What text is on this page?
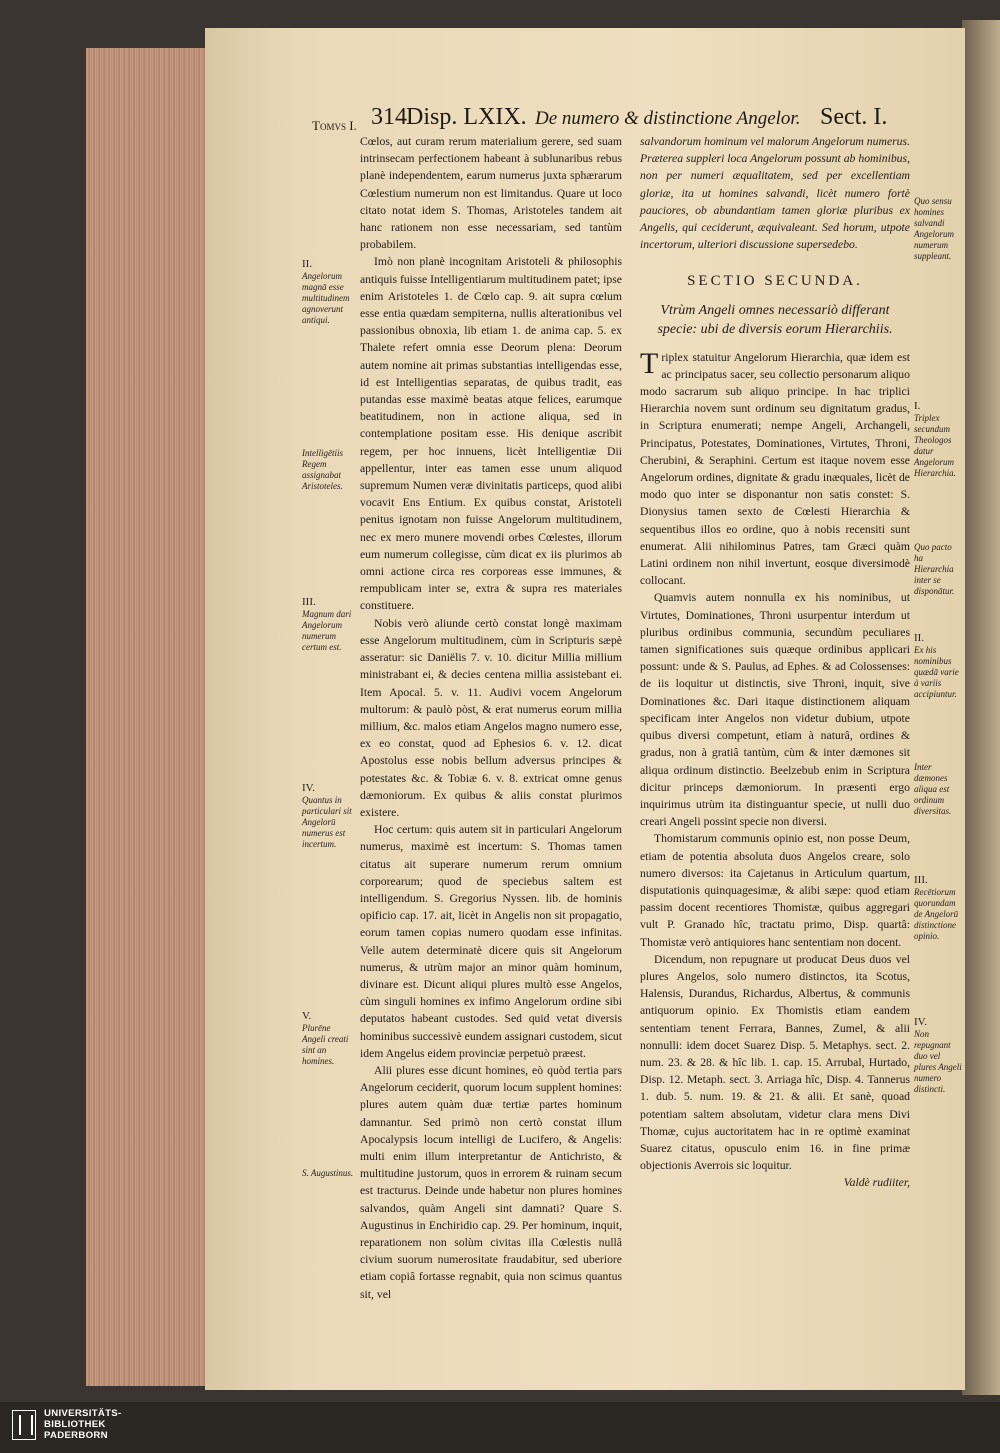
Tomvs I. 314 Disp. LXIX. De numero & distinctione Angelor. Sect. I.

Cœlos, aut curam rerum materialium gerere, sed suam intrinsecam perfectionem habeant à sublunaribus rebus planè independentem, earum numerus juxta sphærarum Cœlestium numerum non est limitandus. Quare ut loco citato notat idem S. Thomas, Aristoteles tandem ait hanc rationem non esse necessariam, sed tantùm probabilem.

Imò non planè incognitam Aristoteli & philosophis antiquis fuisse Intelligentiarum multitudinem patet; ipse enim Aristoteles 1. de Cœlo cap. 9. ait supra cœlum esse entia quædam sempiterna, nullis alterationibus vel passionibus obnoxia, lib etiam 1. de anima cap. 5. ex Thalete refert omnia esse Deorum plena: Deorum autem nomine ait primas substantias intelligendas esse, id est Intelligentias separatas, de quibus tradit, eas putandas esse maximè beatas atque felices, earumque beatitudinem, non in actione aliqua, sed in contemplatione positam esse. His denique ascribit regem, per hoc innuens, licèt Intelligentiæ Dii appellentur, inter eas tamen esse unum aliquod supremum Numen veræ divinitatis particeps, quod alibi vocavit Ens Entium. Ex quibus constat, Aristoteli penitus ignotam non fuisse Angelorum multitudinem, nec ex mero munere movendi orbes Cœlestes, illorum eum numerum collegisse, cùm dicat ex iis plurimos ab omni actione circa res corporeas esse immunes, & rempublicam inter se, extra & supra res materiales constituere.

Nobis verò aliunde certò constat longè maximam esse Angelorum multitudinem, cùm in Scripturis sæpè asseratur: sic Daniëlis 7. v. 10. dicitur Millia millium ministrabant ei, & decies centena millia assistebant ei. Item Apocal. 5. v. 11. Audivi vocem Angelorum multorum: & paulò pòst, & erat numerus eorum millia millium, &c. malos etiam Angelos magno numero esse, ex eo constat, quod ad Ephesios 6. v. 12. dicat Apostolus esse nobis bellum adversus principes & potestates &c. & Tobiæ 6. v. 8. extricat omne genus dæmoniorum. Ex quibus & aliis constat plurimos existere.

Hoc certum: quis autem sit in particulari Angelorum numerus, maximè est incertum: S. Thomas tamen citatus ait superare numerum rerum omnium corporearum; quod de speciebus saltem est intelligendum. S. Gregorius Nyssen. lib. de hominis opificio cap. 17. ait, licèt in Angelis non sit propagatio, eorum tamen copias numero quodam esse infinitas. Velle autem determinatè dicere quis sit Angelorum numerus, & utrùm major an minor quàm hominum, divinare est. Dicunt aliqui plures multò esse Angelos, cùm singuli homines ex infimo Angelorum ordine sibi deputatos habeant custodes. Sed quid vetat diversis hominibus successivè eundem assignari custodem, sicut idem Angelus eidem provinciæ perpetuò præest.

Alii plures esse dicunt homines, eò quòd tertia pars Angelorum ceciderit, quorum locum supplent homines: plures autem quàm duæ tertiæ partes hominum damnantur. Sed primò non certò constat illum Apocalypsis locum intelligi de Lucifero, & Angelis: multi enim illum interpretantur de Antichristo, & multitudine justorum, quos in errorem & ruinam secum est tracturus. Deinde unde habetur non plures homines salvandos, quàm Angeli sint damnati? Quare S. Augustinus in Enchiridio cap. 29. Per hominum, inquit, reparationem non solùm civitas illa Cœlestis nullâ civium suorum numerositate fraudabitur, sed uberiore etiam copiâ fortasse regnabit, quia non scimus quantus sit, vel

II.
Angelorum magnā esse multitudinem agnoverunt antiqui.
Intelligētiis Regem assignabat Aristoteles.
III.
Magnum dari Angelorum numerum certum est.
IV.
Quantus in particulari sit Angelorū numerus est incertum.
V.
Plurēne Angeli creati sint an homines.
S. Augustinus.

salvandorum hominum vel malorum Angelorum numerus. Præterea suppleri loca Angelorum possunt ab hominibus, non per numeri æqualitatem, sed per excellentiam gloriæ, ita ut homines salvandi, licèt numero fortè pauciores, ob abundantiam tamen gloriæ pluribus ex Angelis, qui ceciderunt, æquivaleant. Sed horum, utpote incertorum, ulteriori discussione supersedebo.

SECTIO SECUNDA.

Vtrùm Angeli omnes necessariò differant specie: ubi de diversis eorum Hierarchiis.

Triplex statuitur Angelorum Hierarchia, quæ idem est ac principatus sacer, seu collectio personarum aliquo modo sacrarum sub aliquo principe. In hac triplici Hierarchia novem sunt ordinum seu dignitatum gradus, in Scriptura enumerati; nempe Angeli, Archangeli, Principatus, Potestates, Dominationes, Virtutes, Throni, Cherubini, & Seraphini. Certum est itaque novem esse Angelorum ordines, dignitate & gradu inæquales, licèt de modo quo inter se disponantur non satis constet: S. Dionysius tamen sexto de Cœlesti Hierarchia & sequentibus illos eo ordine, quo à nobis recensiti sunt enumerat. Alii nihilominus Patres, tam Græci quàm Latini ordinem non nihil invertunt, eosque diversimodè collocant.

Quamvis autem nonnulla ex his nominibus, ut Virtutes, Dominationes, Throni usurpentur interdum ut pluribus ordinibus communia, secundùm peculiares tamen significationes suis quæque ordinibus applicari possunt: unde & S. Paulus, ad Ephes. & ad Colossenses: de iis loquitur ut distinctis, sive Throni, inquit, sive Dominationes &c. Dari itaque distinctionem aliquam specificam inter Angelos non videtur dubium, utpote quibus diversi competunt, etiam à naturâ, ordines & gradus, non à gratiâ tantùm, cùm & inter dæmones sit aliqua ordinum distinctio. Beelzebub enim in Scriptura dicitur princeps dæmoniorum. In præsenti ergo inquirimus utrùm ita distinguantur specie, ut nulli duo creari Angeli possint specie non diversi.

Thomistarum communis opinio est, non posse Deum, etiam de potentia absoluta duos Angelos creare, solo numero diversos: ita Cajetanus in Articulum quartum, disputationis quinquagesimæ, & alibi sæpe: quod etiam passim docent recentiores Thomistæ, quibus aggregari vult P. Granado hîc, tractatu primo, Disp. quartâ: Thomistæ verò antiquiores hanc sententiam non docent.

Dicendum, non repugnare ut producat Deus duos vel plures Angelos, solo numero distinctos, ita Scotus, Halensis, Durandus, Richardus, Albertus, & communis antiquorum opinio. Ex Thomistis etiam eandem sententiam tenent Ferrara, Bannes, Zumel, & alii nonnulli: idem docet Suarez Disp. 5. Metaphys. sect. 2. num. 23. & 28. & hîc lib. 1. cap. 15. Arrubal, Hurtado, Disp. 12. Metaph. sect. 3. Arriaga hîc, Disp. 4. Tannerus 1. dub. 5. num. 19. & 21. & alii. Et sanè, quoad potentiam saltem absolutam, videtur clara mens Divi Thomæ, cujus auctoritatem hac in re optimè examinat Suarez citatus, opusculo enim 16. in fine primæ objectionis Averrois sic loquitur.

Valdè rudiiter,

Quo sensu homines salvandi Angelorum numerum suppleant.
I.
Triplex secundum Theologos datur Angelorum Hierarchia.
Quo pacto ha Hierarchia inter se disponātur.
II.
Ex his nominibus quædā varie à variis accipiuntur.
Inter dæmones aliqua est ordinum diversitas.
III.
Recētiorum quorundam de Angelorū distinctione opinio.
IV.
Non repugnant duo vel plures Angeli numero distincti.
UNIVERSITÄTS-
BIBLIOTHEK
PADERBORN
